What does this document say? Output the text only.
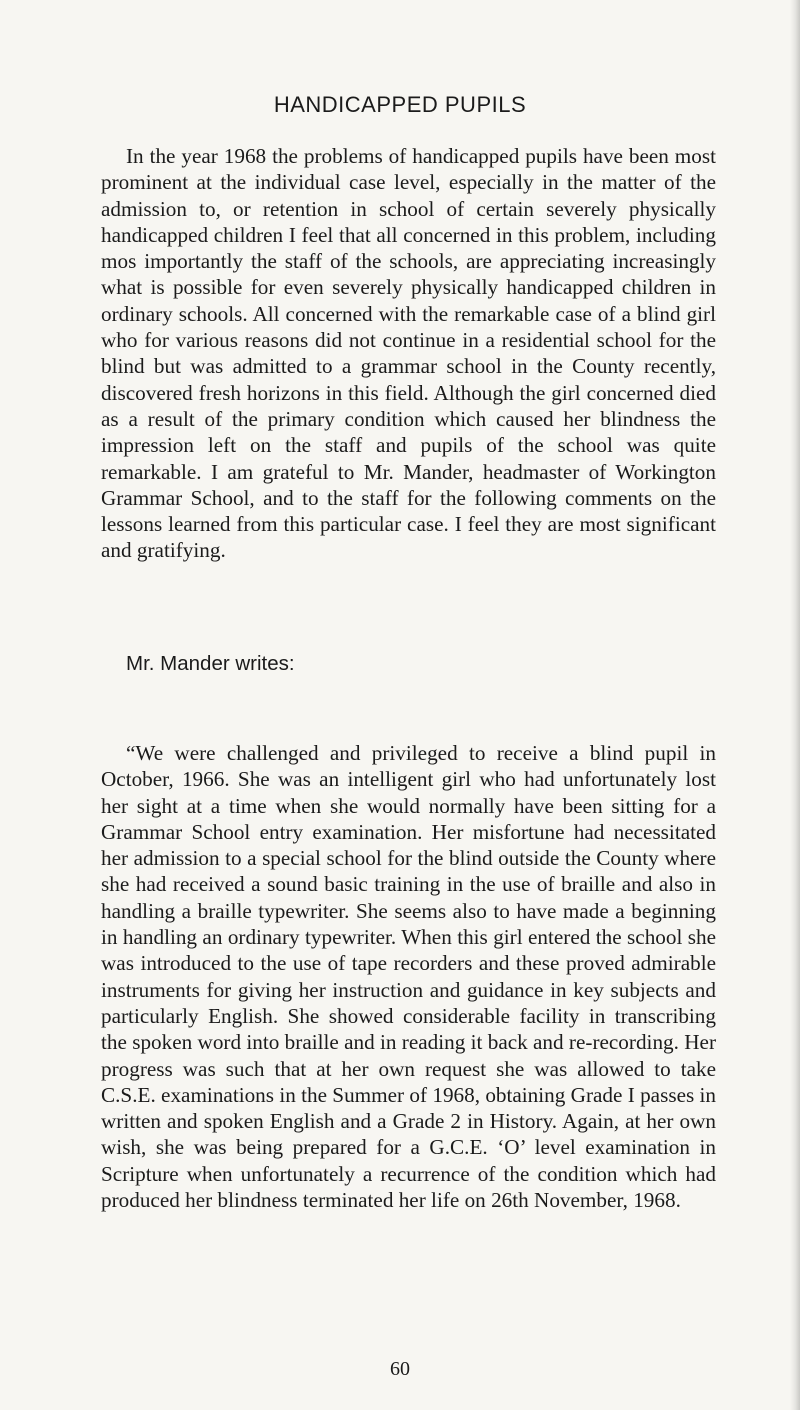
HANDICAPPED PUPILS

In the year 1968 the problems of handicapped pupils have been most prominent at the individual case level, especially in the matter of the admission to, or retention in school of certain severely physically handicapped children I feel that all concerned in this problem, including mos importantly the staff of the schools, are appreciating increasingly what is possible for even severely physically handicapped children in ordinary schools. All concerned with the remarkable case of a blind girl who for various reasons did not continue in a residential school for the blind but was admitted to a grammar school in the County recently, discovered fresh horizons in this field. Although the girl concerned died as a result of the primary condition which caused her blindness the impression left on the staff and pupils of the school was quite remarkable. I am grateful to Mr. Mander, headmaster of Workington Grammar School, and to the staff for the following comments on the lessons learned from this particular case. I feel they are most significant and gratifying.

Mr. Mander writes:

“We were challenged and privileged to receive a blind pupil in October, 1966. She was an intelligent girl who had unfortunately lost her sight at a time when she would normally have been sitting for a Grammar School entry examination. Her misfortune had necessitated her admission to a special school for the blind outside the County where she had received a sound basic training in the use of braille and also in handling a braille typewriter. She seems also to have made a beginning in handling an ordinary typewriter. When this girl entered the school she was introduced to the use of tape recorders and these proved admirable instruments for giving her instruction and guidance in key subjects and particularly English. She showed considerable facility in transcribing the spoken word into braille and in reading it back and re-recording. Her progress was such that at her own request she was allowed to take C.S.E. examinations in the Summer of 1968, obtaining Grade I passes in written and spoken English and a Grade 2 in History. Again, at her own wish, she was being prepared for a G.C.E. ‘O’ level examination in Scripture when unfortunately a recurrence of the condition which had produced her blindness terminated her life on 26th November, 1968.

60
